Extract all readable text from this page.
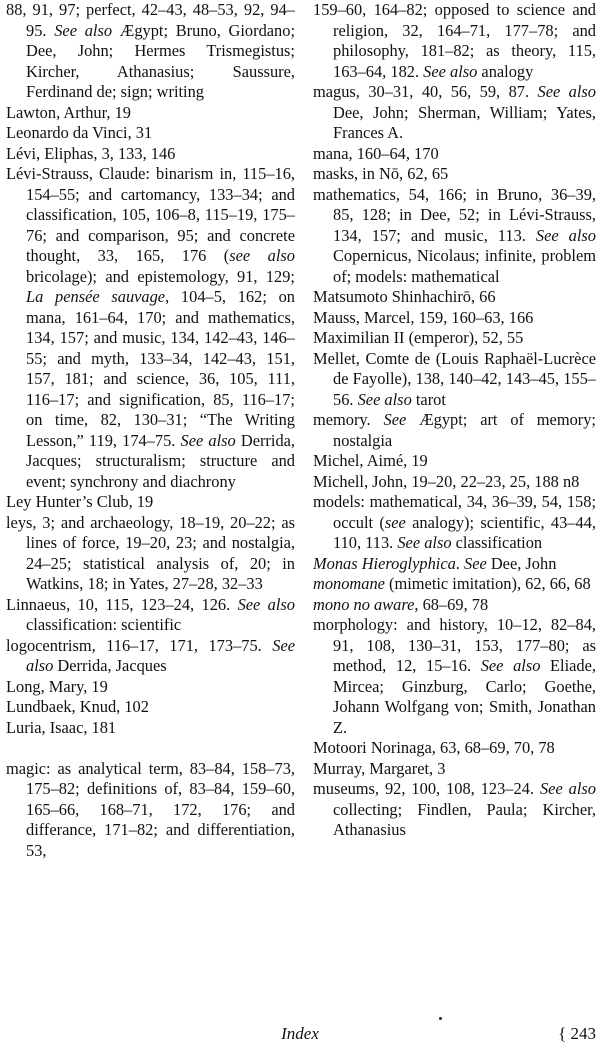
88, 91, 97; perfect, 42–43, 48–53, 92, 94–95. See also Ægypt; Bruno, Giordano; Dee, John; Hermes Trismegistus; Kircher, Athanasius; Saussure, Ferdinand de; sign; writing
Lawton, Arthur, 19
Leonardo da Vinci, 31
Lévi, Eliphas, 3, 133, 146
Lévi-Strauss, Claude: binarism in, 115–16, 154–55; and cartomancy, 133–34; and classification, 105, 106–8, 115–19, 175–76; and comparison, 95; and concrete thought, 33, 165, 176 (see also bricolage); and epistemology, 91, 129; La pensée sauvage, 104–5, 162; on mana, 161–64, 170; and mathematics, 134, 157; and music, 134, 142–43, 146–55; and myth, 133–34, 142–43, 151, 157, 181; and science, 36, 105, 111, 116–17; and signification, 85, 116–17; on time, 82, 130–31; “The Writing Lesson,” 119, 174–75. See also Derrida, Jacques; structuralism; structure and event; synchrony and diachrony
Ley Hunter’s Club, 19
leys, 3; and archaeology, 18–19, 20–22; as lines of force, 19–20, 23; and nostalgia, 24–25; statistical analysis of, 20; in Watkins, 18; in Yates, 27–28, 32–33
Linnaeus, 10, 115, 123–24, 126. See also classification: scientific
logocentrism, 116–17, 171, 173–75. See also Derrida, Jacques
Long, Mary, 19
Lundbaek, Knud, 102
Luria, Isaac, 181
magic: as analytical term, 83–84, 158–73, 175–82; definitions of, 83–84, 159–60, 165–66, 168–71, 172, 176; and differance, 171–82; and differentiation, 53,
159–60, 164–82; opposed to science and religion, 32, 164–71, 177–78; and philosophy, 181–82; as theory, 115, 163–64, 182. See also analogy
magus, 30–31, 40, 56, 59, 87. See also Dee, John; Sherman, William; Yates, Frances A.
mana, 160–64, 170
masks, in Nō, 62, 65
mathematics, 54, 166; in Bruno, 36–39, 85, 128; in Dee, 52; in Lévi-Strauss, 134, 157; and music, 113. See also Copernicus, Nicolaus; infinite, problem of; models: mathematical
Matsumoto Shinhachirō, 66
Mauss, Marcel, 159, 160–63, 166
Maximilian II (emperor), 52, 55
Mellet, Comte de (Louis Raphaël-Lucrèce de Fayolle), 138, 140–42, 143–45, 155–56. See also tarot
memory. See Ægypt; art of memory; nostalgia
Michel, Aimé, 19
Michell, John, 19–20, 22–23, 25, 188 n8
models: mathematical, 34, 36–39, 54, 158; occult (see analogy); scientific, 43–44, 110, 113. See also classification
Monas Hieroglyphica. See Dee, John
monomane (mimetic imitation), 62, 66, 68
mono no aware, 68–69, 78
morphology: and history, 10–12, 82–84, 91, 108, 130–31, 153, 177–80; as method, 12, 15–16. See also Eliade, Mircea; Ginzburg, Carlo; Goethe, Johann Wolfgang von; Smith, Jonathan Z.
Motoori Norinaga, 63, 68–69, 70, 78
Murray, Margaret, 3
museums, 92, 100, 108, 123–24. See also collecting; Findlen, Paula; Kircher, Athanasius
Index	{ 243
